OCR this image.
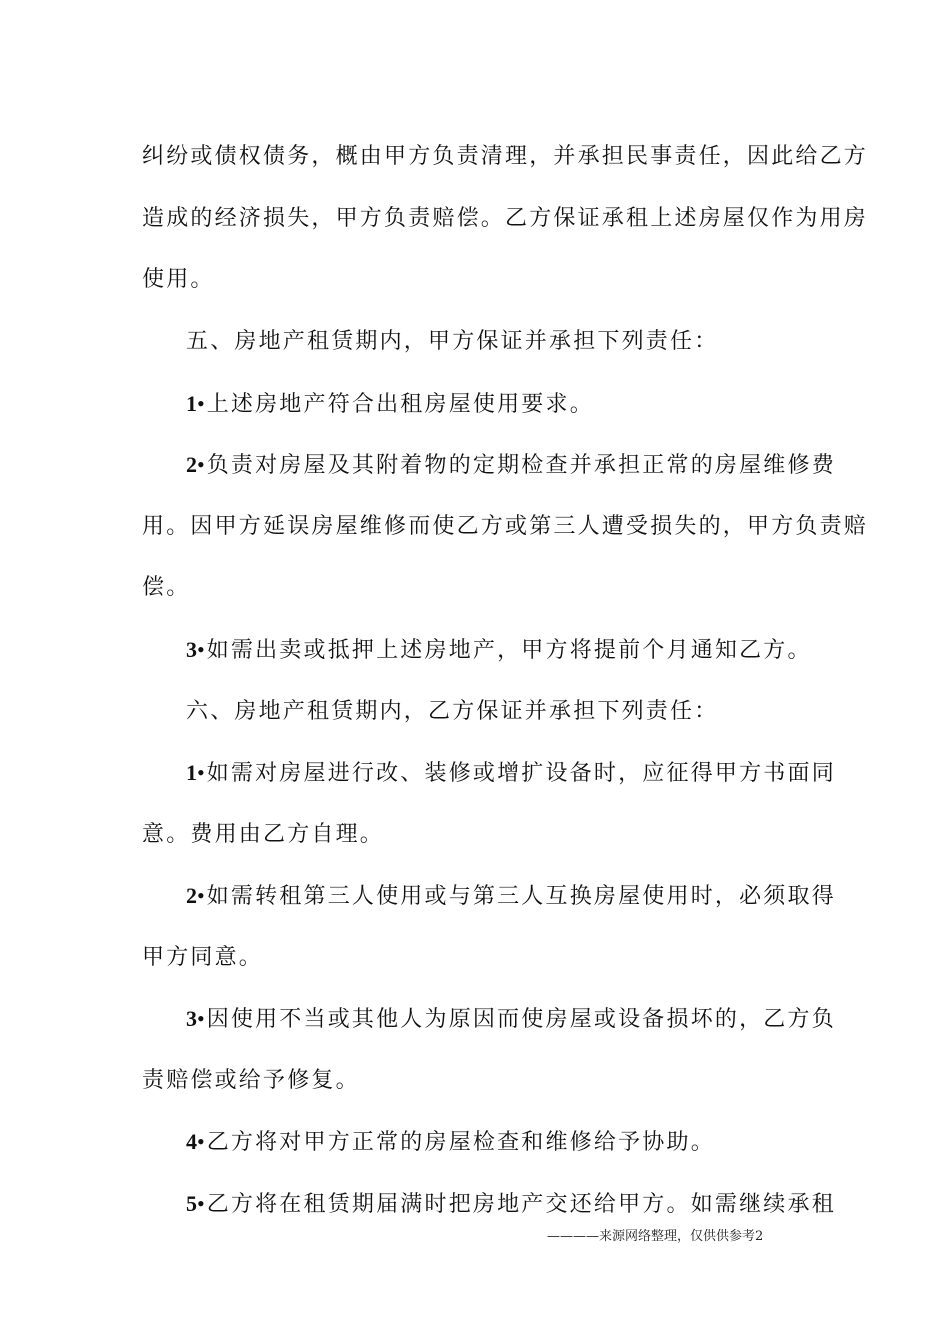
纠纷或债权债务，概由甲方负责清理，并承担民事责任，因此给乙方
造成的经济损失，甲方负责赔偿。乙方保证承租上述房屋仅作为用房
使用。
五、房地产租赁期内，甲方保证并承担下列责任：
1•上述房地产符合出租房屋使用要求。
2•负责对房屋及其附着物的定期检查并承担正常的房屋维修费
用。因甲方延误房屋维修而使乙方或第三人遭受损失的，甲方负责赔
偿。
3•如需出卖或抵押上述房地产，甲方将提前个月通知乙方。
六、房地产租赁期内，乙方保证并承担下列责任：
1•如需对房屋进行改、装修或增扩设备时，应征得甲方书面同
意。费用由乙方自理。
2•如需转租第三人使用或与第三人互换房屋使用时，必须取得
甲方同意。
3•因使用不当或其他人为原因而使房屋或设备损坏的，乙方负
责赔偿或给予修复。
4•乙方将对甲方正常的房屋检查和维修给予协助。
5•乙方将在租赁期届满时把房地产交还给甲方。如需继续承租
————来源网络整理，仅供供参考2
